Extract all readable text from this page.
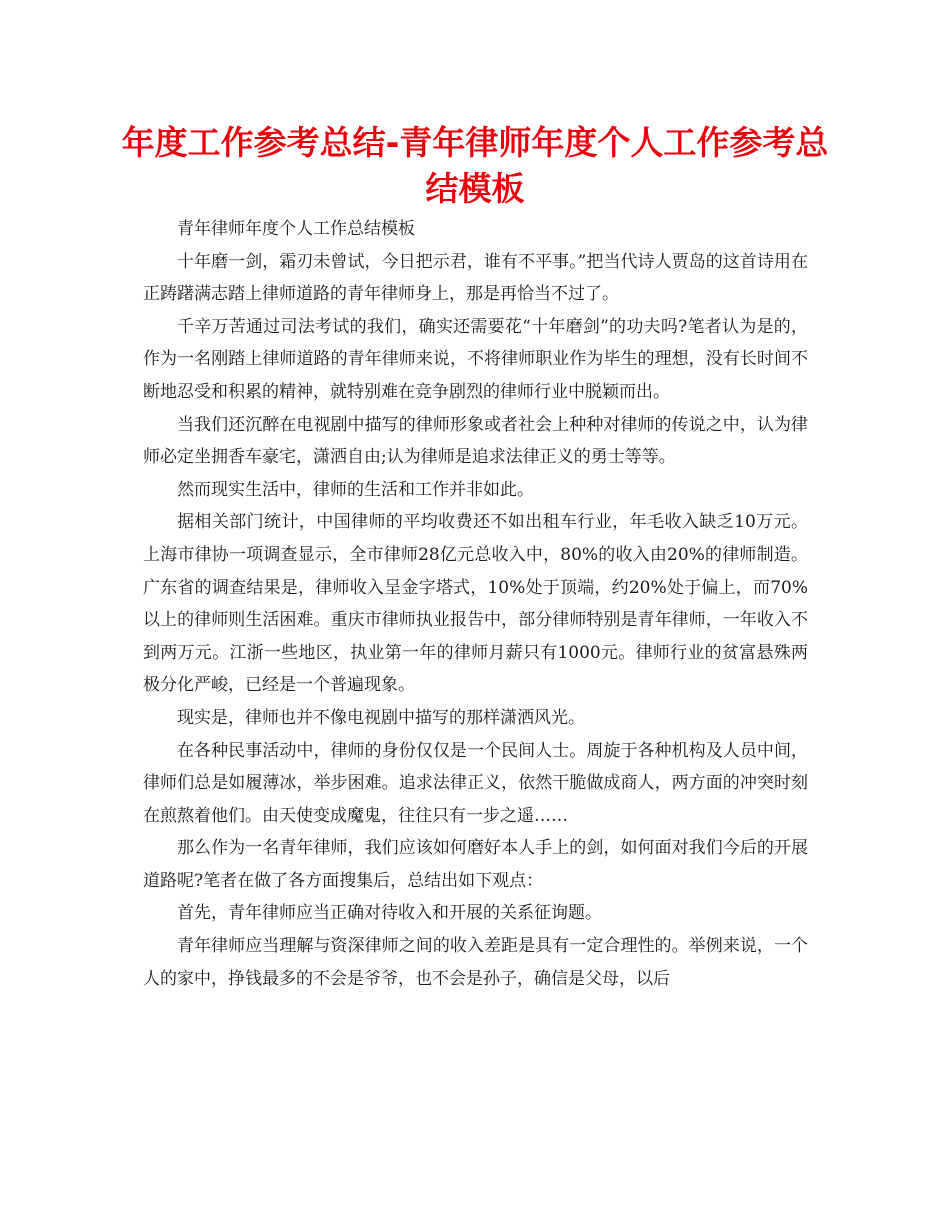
年度工作参考总结-青年律师年度个人工作参考总结模板

青年律师年度个人工作总结模板

十年磨一剑，霜刃未曾试，今日把示君，谁有不平事。”把当代诗人贾岛的这首诗用在正踌躇满志踏上律师道路的青年律师身上，那是再恰当不过了。

千辛万苦通过司法考试的我们，确实还需要花“十年磨剑”的功夫吗?笔者认为是的，作为一名刚踏上律师道路的青年律师来说，不将律师职业作为毕生的理想，没有长时间不断地忍受和积累的精神，就特别难在竞争剧烈的律师行业中脱颖而出。

当我们还沉醉在电视剧中描写的律师形象或者社会上种种对律师的传说之中，认为律师必定坐拥香车豪宅，潇洒自由;认为律师是追求法律正义的勇士等等。

然而现实生活中，律师的生活和工作并非如此。

据相关部门统计，中国律师的平均收费还不如出租车行业，年毛收入缺乏10万元。上海市律协一项调查显示，全市律师28亿元总收入中，80%的收入由20%的律师制造。广东省的调查结果是，律师收入呈金字塔式，10%处于顶端，约20%处于偏上，而70%以上的律师则生活困难。重庆市律师执业报告中，部分律师特别是青年律师，一年收入不到两万元。江浙一些地区，执业第一年的律师月薪只有1000元。律师行业的贫富悬殊两极分化严峻，已经是一个普遍现象。

现实是，律师也并不像电视剧中描写的那样潇洒风光。

在各种民事活动中，律师的身份仅仅是一个民间人士。周旋于各种机构及人员中间，律师们总是如履薄冰，举步困难。追求法律正义，依然干脆做成商人，两方面的冲突时刻在煎熬着他们。由天使变成魔鬼，往往只有一步之遥……

那么作为一名青年律师，我们应该如何磨好本人手上的剑，如何面对我们今后的开展道路呢?笔者在做了各方面搜集后，总结出如下观点：

首先，青年律师应当正确对待收入和开展的关系征询题。

青年律师应当理解与资深律师之间的收入差距是具有一定合理性的。举例来说，一个人的家中，挣钱最多的不会是爷爷，也不会是孙子，确信是父母，以后
